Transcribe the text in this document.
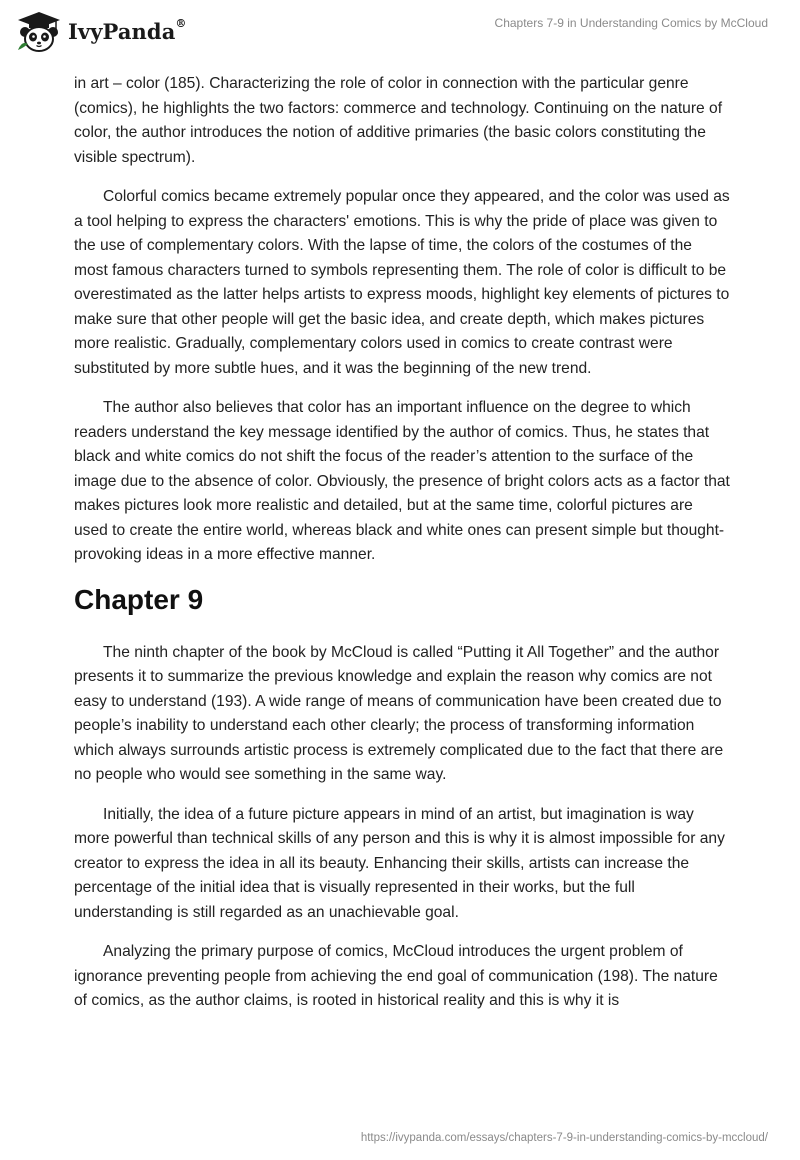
IvyPanda®	Chapters 7-9 in Understanding Comics by McCloud

in art – color (185). Characterizing the role of color in connection with the particular genre (comics), he highlights the two factors: commerce and technology. Continuing on the nature of color, the author introduces the notion of additive primaries (the basic colors constituting the visible spectrum).

Colorful comics became extremely popular once they appeared, and the color was used as a tool helping to express the characters' emotions. This is why the pride of place was given to the use of complementary colors. With the lapse of time, the colors of the costumes of the most famous characters turned to symbols representing them. The role of color is difficult to be overestimated as the latter helps artists to express moods, highlight key elements of pictures to make sure that other people will get the basic idea, and create depth, which makes pictures more realistic. Gradually, complementary colors used in comics to create contrast were substituted by more subtle hues, and it was the beginning of the new trend.

The author also believes that color has an important influence on the degree to which readers understand the key message identified by the author of comics. Thus, he states that black and white comics do not shift the focus of the reader’s attention to the surface of the image due to the absence of color. Obviously, the presence of bright colors acts as a factor that makes pictures look more realistic and detailed, but at the same time, colorful pictures are used to create the entire world, whereas black and white ones can present simple but thought-provoking ideas in a more effective manner.

Chapter 9

The ninth chapter of the book by McCloud is called “Putting it All Together” and the author presents it to summarize the previous knowledge and explain the reason why comics are not easy to understand (193). A wide range of means of communication have been created due to people’s inability to understand each other clearly; the process of transforming information which always surrounds artistic process is extremely complicated due to the fact that there are no people who would see something in the same way.

Initially, the idea of a future picture appears in mind of an artist, but imagination is way more powerful than technical skills of any person and this is why it is almost impossible for any creator to express the idea in all its beauty. Enhancing their skills, artists can increase the percentage of the initial idea that is visually represented in their works, but the full understanding is still regarded as an unachievable goal.

Analyzing the primary purpose of comics, McCloud introduces the urgent problem of ignorance preventing people from achieving the end goal of communication (198). The nature of comics, as the author claims, is rooted in historical reality and this is why it is

https://ivypanda.com/essays/chapters-7-9-in-understanding-comics-by-mccloud/
